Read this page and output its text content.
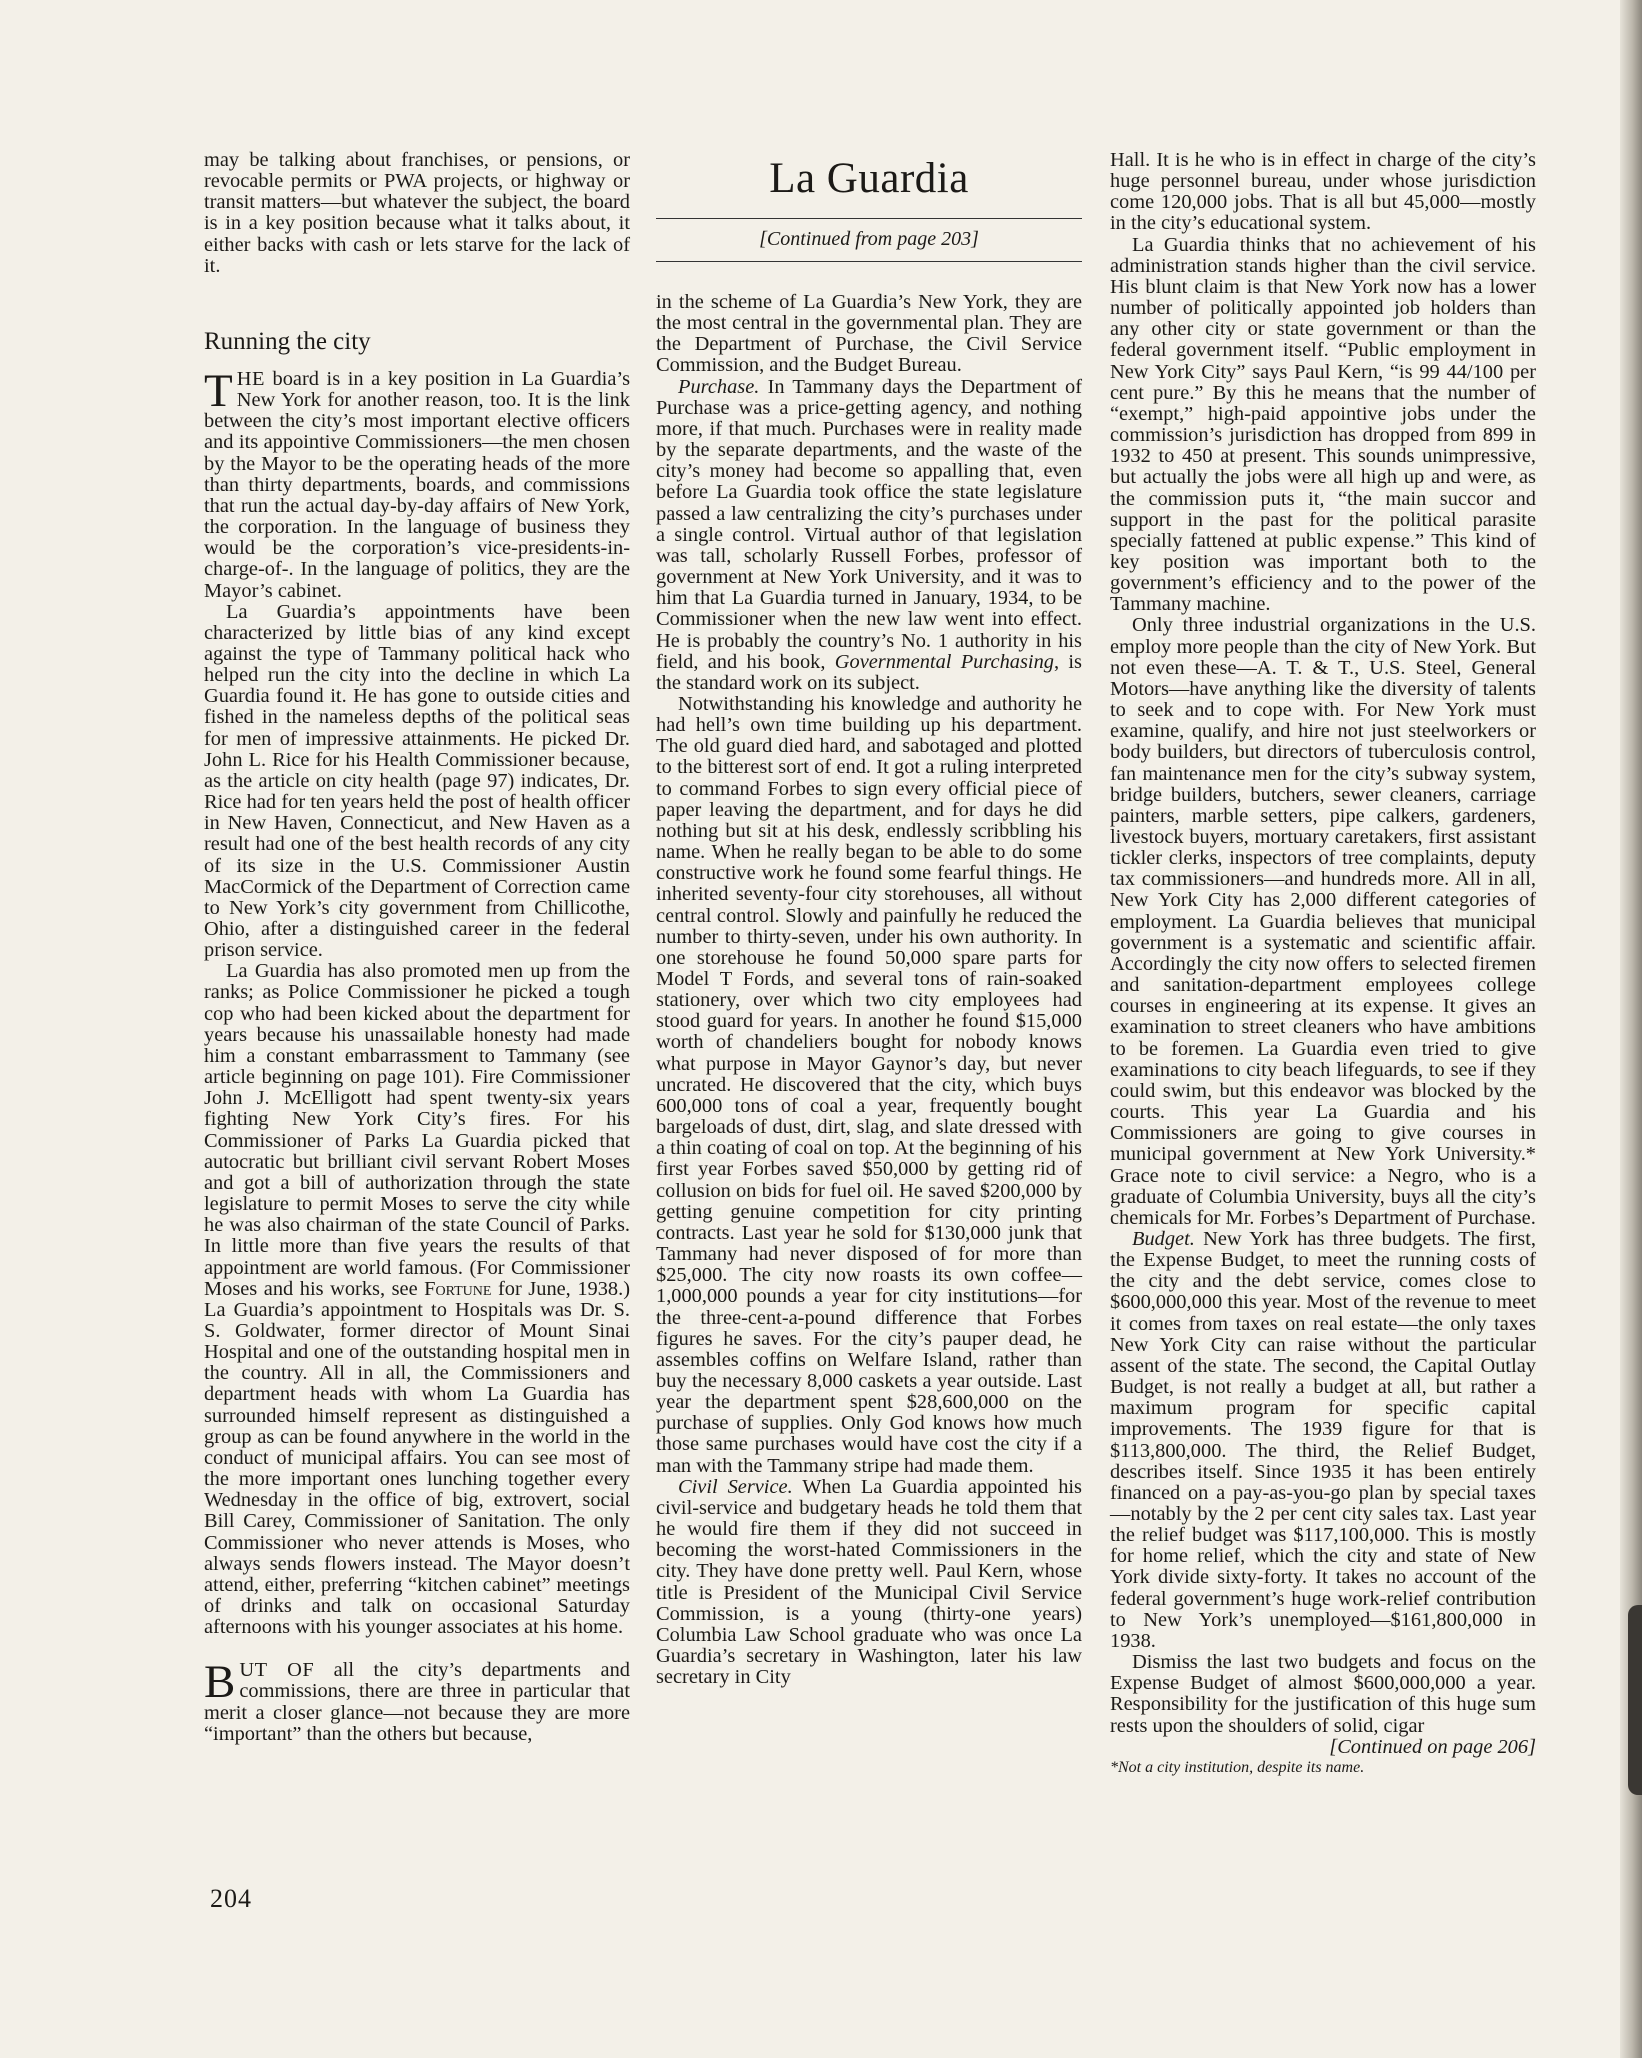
may be talking about franchises, or pensions, or revocable permits or PWA projects, or highway or transit matters—but whatever the subject, the board is in a key position because what it talks about, it either backs with cash or lets starve for the lack of it.

Running the city

THE board is in a key position in La Guardia’s New York for another reason, too. It is the link between the city’s most important elective officers and its appointive Commissioners—the men chosen by the Mayor to be the operating heads of the more than thirty departments, boards, and commissions that run the actual day-by-day affairs of New York, the corporation. In the language of business they would be the corporation’s vice-presidents-in-charge-of-. In the language of politics, they are the Mayor’s cabinet.

La Guardia’s appointments have been characterized by little bias of any kind except against the type of Tammany political hack who helped run the city into the decline in which La Guardia found it. He has gone to outside cities and fished in the nameless depths of the political seas for men of impressive attainments. He picked Dr. John L. Rice for his Health Commissioner because, as the article on city health (page 97) indicates, Dr. Rice had for ten years held the post of health officer in New Haven, Connecticut, and New Haven as a result had one of the best health records of any city of its size in the U.S. Commissioner Austin MacCormick of the Department of Correction came to New York’s city government from Chillicothe, Ohio, after a distinguished career in the federal prison service.

La Guardia has also promoted men up from the ranks; as Police Commissioner he picked a tough cop who had been kicked about the department for years because his unassailable honesty had made him a constant embarrassment to Tammany (see article beginning on page 101). Fire Commissioner John J. McElligott had spent twenty-six years fighting New York City’s fires. For his Commissioner of Parks La Guardia picked that autocratic but brilliant civil servant Robert Moses and got a bill of authorization through the state legislature to permit Moses to serve the city while he was also chairman of the state Council of Parks. In little more than five years the results of that appointment are world famous. (For Commissioner Moses and his works, see Fortune for June, 1938.) La Guardia’s appointment to Hospitals was Dr. S. S. Goldwater, former director of Mount Sinai Hospital and one of the outstanding hospital men in the country. All in all, the Commissioners and department heads with whom La Guardia has surrounded himself represent as distinguished a group as can be found anywhere in the world in the conduct of municipal affairs. You can see most of the more important ones lunching together every Wednesday in the office of big, extrovert, social Bill Carey, Commissioner of Sanitation. The only Commissioner who never attends is Moses, who always sends flowers instead. The Mayor doesn’t attend, either, preferring “kitchen cabinet” meetings of drinks and talk on occasional Saturday afternoons with his younger associates at his home.

BUT OF all the city’s departments and commissions, there are three in particular that merit a closer glance—not because they are more “important” than the others but because,

La Guardia
[Continued from page 203]

in the scheme of La Guardia’s New York, they are the most central in the governmental plan. They are the Department of Purchase, the Civil Service Commission, and the Budget Bureau.

Purchase. In Tammany days the Department of Purchase was a price-getting agency, and nothing more, if that much. Purchases were in reality made by the separate departments, and the waste of the city’s money had become so appalling that, even before La Guardia took office the state legislature passed a law centralizing the city’s purchases under a single control. Virtual author of that legislation was tall, scholarly Russell Forbes, professor of government at New York University, and it was to him that La Guardia turned in January, 1934, to be Commissioner when the new law went into effect. He is probably the country’s No. 1 authority in his field, and his book, Governmental Purchasing, is the standard work on its subject.

Notwithstanding his knowledge and authority he had hell’s own time building up his department. The old guard died hard, and sabotaged and plotted to the bitterest sort of end. It got a ruling interpreted to command Forbes to sign every official piece of paper leaving the department, and for days he did nothing but sit at his desk, endlessly scribbling his name. When he really began to be able to do some constructive work he found some fearful things. He inherited seventy-four city storehouses, all without central control. Slowly and painfully he reduced the number to thirty-seven, under his own authority. In one storehouse he found 50,000 spare parts for Model T Fords, and several tons of rain-soaked stationery, over which two city employees had stood guard for years. In another he found $15,000 worth of chandeliers bought for nobody knows what purpose in Mayor Gaynor’s day, but never uncrated. He discovered that the city, which buys 600,000 tons of coal a year, frequently bought bargeloads of dust, dirt, slag, and slate dressed with a thin coating of coal on top. At the beginning of his first year Forbes saved $50,000 by getting rid of collusion on bids for fuel oil. He saved $200,000 by getting genuine competition for city printing contracts. Last year he sold for $130,000 junk that Tammany had never disposed of for more than $25,000. The city now roasts its own coffee—1,000,000 pounds a year for city institutions—for the three-cent-a-pound difference that Forbes figures he saves. For the city’s pauper dead, he assembles coffins on Welfare Island, rather than buy the necessary 8,000 caskets a year outside. Last year the department spent $28,600,000 on the purchase of supplies. Only God knows how much those same purchases would have cost the city if a man with the Tammany stripe had made them.

Civil Service. When La Guardia appointed his civil-service and budgetary heads he told them that he would fire them if they did not succeed in becoming the worst-hated Commissioners in the city. They have done pretty well. Paul Kern, whose title is President of the Municipal Civil Service Commission, is a young (thirty-one years) Columbia Law School graduate who was once La Guardia’s secretary in Washington, later his law secretary in City

Hall. It is he who is in effect in charge of the city’s huge personnel bureau, under whose jurisdiction come 120,000 jobs. That is all but 45,000—mostly in the city’s educational system.

La Guardia thinks that no achievement of his administration stands higher than the civil service. His blunt claim is that New York now has a lower number of politically appointed job holders than any other city or state government or than the federal government itself. “Public employment in New York City” says Paul Kern, “is 99 44/100 per cent pure.” By this he means that the number of “exempt,” high-paid appointive jobs under the commission’s jurisdiction has dropped from 899 in 1932 to 450 at present. This sounds unimpressive, but actually the jobs were all high up and were, as the commission puts it, “the main succor and support in the past for the political parasite specially fattened at public expense.” This kind of key position was important both to the government’s efficiency and to the power of the Tammany machine.

Only three industrial organizations in the U.S. employ more people than the city of New York. But not even these—A. T. & T., U.S. Steel, General Motors—have anything like the diversity of talents to seek and to cope with. For New York must examine, qualify, and hire not just steelworkers or body builders, but directors of tuberculosis control, fan maintenance men for the city’s subway system, bridge builders, butchers, sewer cleaners, carriage painters, marble setters, pipe calkers, gardeners, livestock buyers, mortuary caretakers, first assistant tickler clerks, inspectors of tree complaints, deputy tax commissioners—and hundreds more. All in all, New York City has 2,000 different categories of employment. La Guardia believes that municipal government is a systematic and scientific affair. Accordingly the city now offers to selected firemen and sanitation-department employees college courses in engineering at its expense. It gives an examination to street cleaners who have ambitions to be foremen. La Guardia even tried to give examinations to city beach lifeguards, to see if they could swim, but this endeavor was blocked by the courts. This year La Guardia and his Commissioners are going to give courses in municipal government at New York University.* Grace note to civil service: a Negro, who is a graduate of Columbia University, buys all the city’s chemicals for Mr. Forbes’s Department of Purchase.

Budget. New York has three budgets. The first, the Expense Budget, to meet the running costs of the city and the debt service, comes close to $600,000,000 this year. Most of the revenue to meet it comes from taxes on real estate—the only taxes New York City can raise without the particular assent of the state. The second, the Capital Outlay Budget, is not really a budget at all, but rather a maximum program for specific capital improvements. The 1939 figure for that is $113,800,000. The third, the Relief Budget, describes itself. Since 1935 it has been entirely financed on a pay-as-you-go plan by special taxes—notably by the 2 per cent city sales tax. Last year the relief budget was $117,100,000. This is mostly for home relief, which the city and state of New York divide sixty-forty. It takes no account of the federal government’s huge work-relief contribution to New York’s unemployed—$161,800,000 in 1938.

Dismiss the last two budgets and focus on the Expense Budget of almost $600,000,000 a year. Responsibility for the justification of this huge sum rests upon the shoulders of solid, cigar

[Continued on page 206]

*Not a city institution, despite its name.

204
